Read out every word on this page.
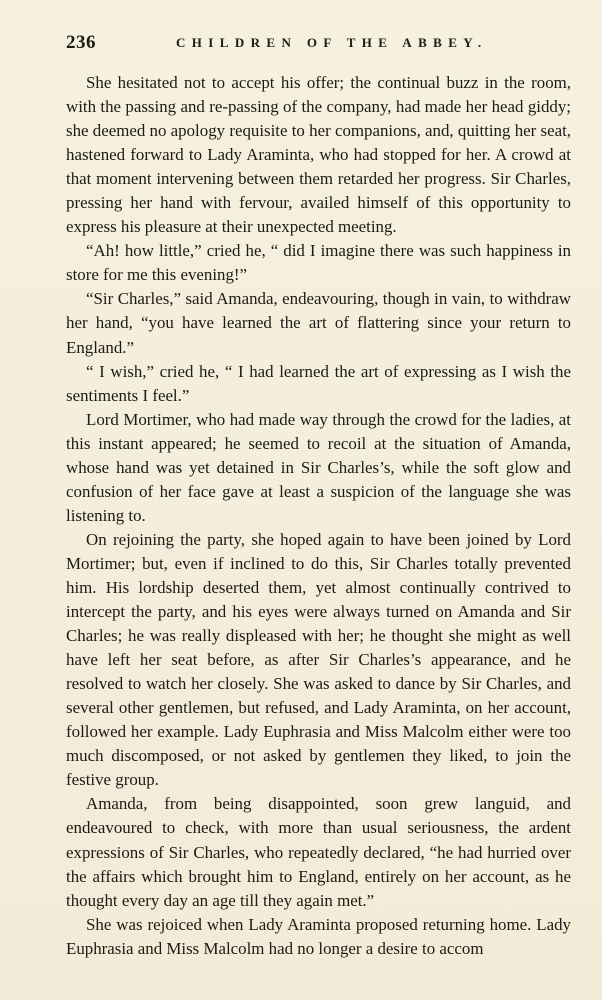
236	CHILDREN OF THE ABBEY.

She hesitated not to accept his offer; the continual buzz in the room, with the passing and re-passing of the company, had made her head giddy; she deemed no apology requisite to her companions, and, quitting her seat, hastened forward to Lady Araminta, who had stopped for her. A crowd at that moment intervening between them retarded her progress. Sir Charles, pressing her hand with fervour, availed himself of this opportunity to express his pleasure at their unexpected meeting.

“Ah! how little,” cried he, “ did I imagine there was such happiness in store for me this evening!”

“Sir Charles,” said Amanda, endeavouring, though in vain, to withdraw her hand, “you have learned the art of flattering since your return to England.”

“ I wish,” cried he, “ I had learned the art of expressing as I wish the sentiments I feel.”

Lord Mortimer, who had made way through the crowd for the ladies, at this instant appeared; he seemed to recoil at the situation of Amanda, whose hand was yet detained in Sir Charles’s, while the soft glow and confusion of her face gave at least a suspicion of the language she was listening to.

On rejoining the party, she hoped again to have been joined by Lord Mortimer; but, even if inclined to do this, Sir Charles totally prevented him. His lordship deserted them, yet almost continually contrived to intercept the party, and his eyes were always turned on Amanda and Sir Charles; he was really displeased with her; he thought she might as well have left her seat before, as after Sir Charles’s appearance, and he resolved to watch her closely. She was asked to dance by Sir Charles, and several other gentlemen, but refused, and Lady Araminta, on her account, followed her example. Lady Euphrasia and Miss Malcolm either were too much discomposed, or not asked by gentlemen they liked, to join the festive group.

Amanda, from being disappointed, soon grew languid, and endeavoured to check, with more than usual seriousness, the ardent expressions of Sir Charles, who repeatedly declared, “he had hurried over the affairs which brought him to England, entirely on her account, as he thought every day an age till they again met.”

She was rejoiced when Lady Araminta proposed returning home. Lady Euphrasia and Miss Malcolm had no longer a desire to accom
